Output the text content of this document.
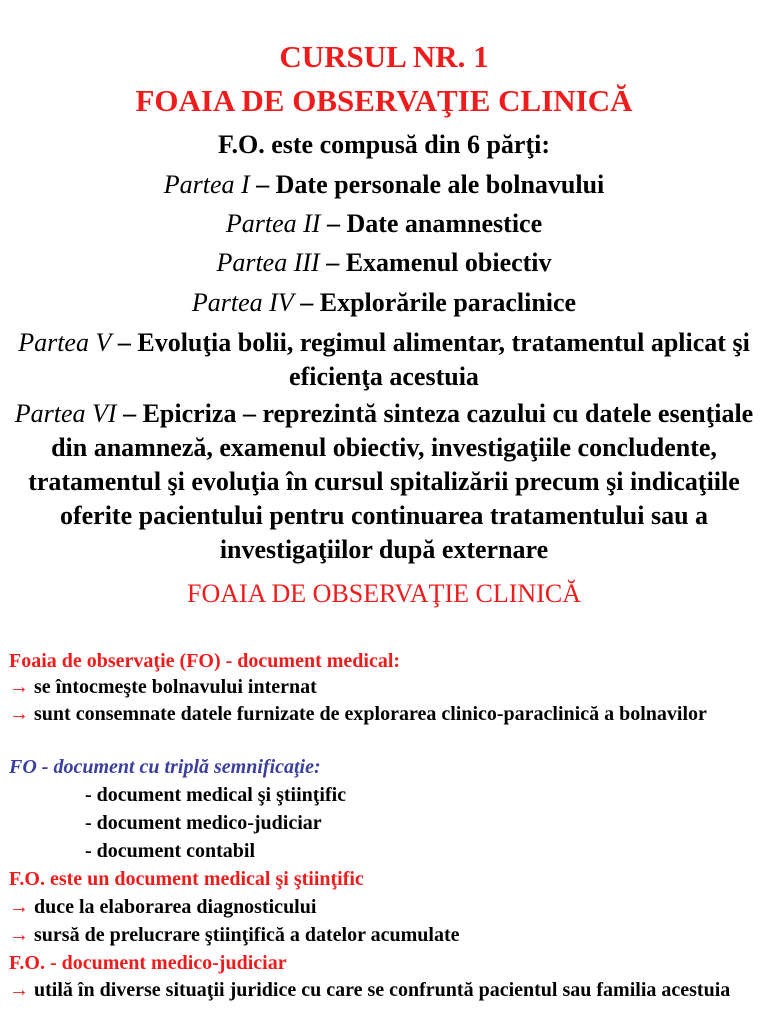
CURSUL NR. 1
FOAIA DE OBSERVAŢIE CLINICĂ
F.O. este compusă din 6 părţi:
Partea I – Date personale ale bolnavului
Partea II – Date anamnestice
Partea III – Examenul obiectiv
Partea IV – Explorările paraclinice
Partea V – Evoluţia bolii, regimul alimentar, tratamentul aplicat şi eficienţa acestuia
Partea VI – Epicriza – reprezintă sinteza cazului cu datele esenţiale din anamneză, examenul obiectiv, investigaţiile concludente, tratamentul şi evoluţia în cursul spitalizării precum şi indicaţiile oferite pacientului pentru continuarea tratamentului sau a investigaţiilor după externare
FOAIA DE OBSERVAŢIE CLINICĂ
Foaia de observaţie (FO) - document medical:
→ se întocmeşte bolnavului internat
→ sunt consemnate datele furnizate de explorarea clinico-paraclinică a bolnavilor
FO - document cu triplă semnificaţie:
- document medical şi ştiinţific
- document medico-judiciar
- document contabil
F.O. este un document medical şi ştiinţific
→ duce la elaborarea diagnosticului
→ sursă de prelucrare ştiinţifică a datelor acumulate
F.O. - document medico-judiciar
→ utilă în diverse situaţii juridice cu care se confruntă pacientul sau familia acestuia
